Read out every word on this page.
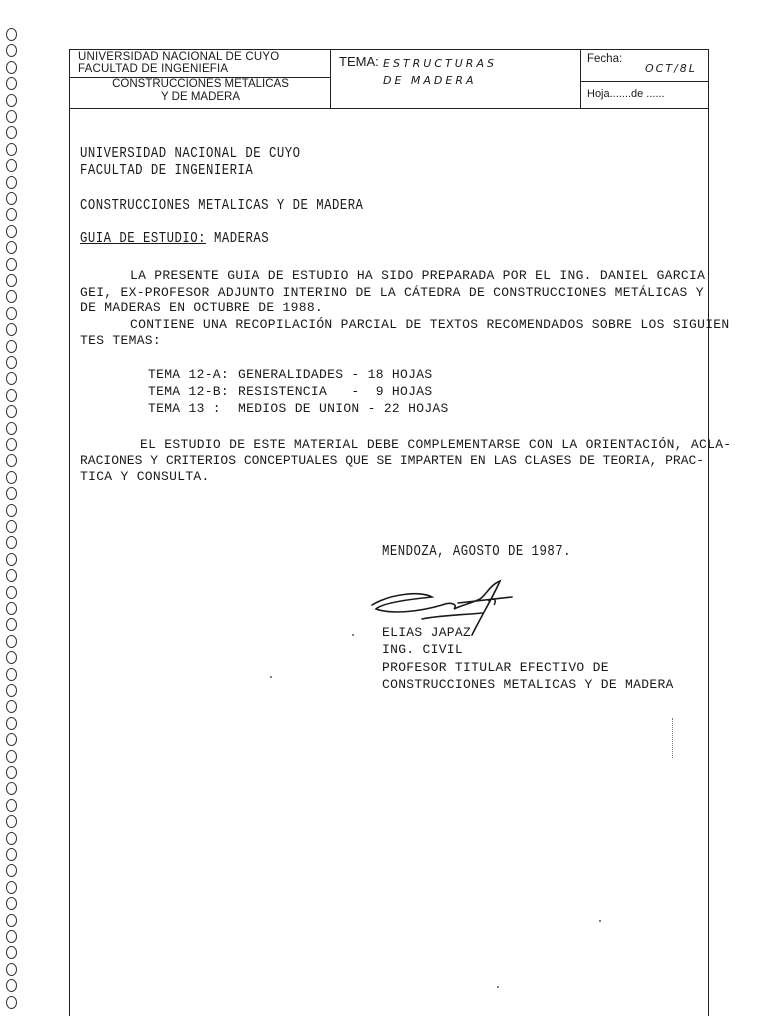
UNIVERSIDAD NACIONAL DE CUYO
FACULTAD DE INGENIEFIA
CONSTRUCCIONES METALICAS
Y DE MADERA
TEMA: ESTRUCTURAS
DE MADERA
Fecha:
OCT/8L
Hoja.......de ......
UNIVERSIDAD NACIONAL DE CUYO
FACULTAD DE INGENIERIA
CONSTRUCCIONES METALICAS Y DE MADERA
GUIA DE ESTUDIO: MADERAS
LA PRESENTE GUIA DE ESTUDIO HA SIDO PREPARADA POR EL ING. DANIEL GARCIA
GEI, EX-PROFESOR ADJUNTO INTERINO DE LA CÁTEDRA DE CONSTRUCCIONES METÁLICAS Y
DE MADERAS EN OCTUBRE DE 1988.
CONTIENE UNA RECOPILACIÓN PARCIAL DE TEXTOS RECOMENDADOS SOBRE LOS SIGUIEN
TES TEMAS:
TEMA 12-A: GENERALIDADES - 18 HOJAS
TEMA 12-B: RESISTENCIA   -  9 HOJAS
TEMA 13 : MEDIOS DE UNION - 22 HOJAS
EL ESTUDIO DE ESTE MATERIAL DEBE COMPLEMENTARSE CON LA ORIENTACIÓN, ACLA-
RACIONES Y CRITERIOS CONCEPTUALES QUE SE IMPARTEN EN LAS CLASES DE TEORIA, PRAC-
TICA Y CONSULTA.
MENDOZA, AGOSTO DE 1987.
ELIAS JAPAZ
ING. CIVIL
PROFESOR TITULAR EFECTIVO DE
CONSTRUCCIONES METALICAS Y DE MADERA
